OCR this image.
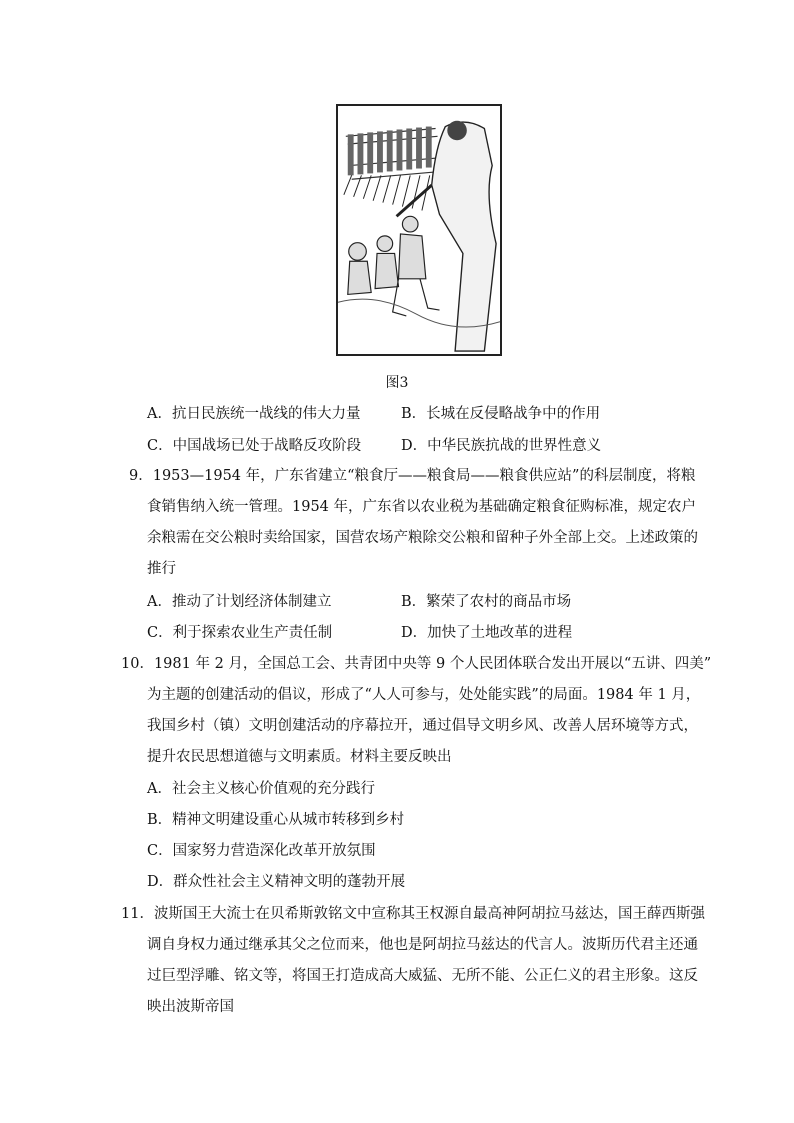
图3
A．抗日民族统一战线的伟大力量	B．长城在反侵略战争中的作用
C．中国战场已处于战略反攻阶段	D．中华民族抗战的世界性意义
9．1953—1954 年，广东省建立“粮食厅——粮食局——粮食供应站”的科层制度，将粮
食销售纳入统一管理。1954 年，广东省以农业税为基础确定粮食征购标准，规定农户
余粮需在交公粮时卖给国家，国营农场产粮除交公粮和留种子外全部上交。上述政策的
推行
A．推动了计划经济体制建立	B．繁荣了农村的商品市场
C．利于探索农业生产责任制	D．加快了土地改革的进程
10．1981 年 2 月，全国总工会、共青团中央等 9 个人民团体联合发出开展以“五讲、四美”
为主题的创建活动的倡议，形成了“人人可参与，处处能实践”的局面。1984 年 1 月，
我国乡村（镇）文明创建活动的序幕拉开，通过倡导文明乡风、改善人居环境等方式，
提升农民思想道德与文明素质。材料主要反映出
A．社会主义核心价值观的充分践行
B．精神文明建设重心从城市转移到乡村
C．国家努力营造深化改革开放氛围
D．群众性社会主义精神文明的蓬勃开展
11．波斯国王大流士在贝希斯敦铭文中宣称其王权源自最高神阿胡拉马兹达，国王薛西斯强
调自身权力通过继承其父之位而来，他也是阿胡拉马兹达的代言人。波斯历代君主还通
过巨型浮雕、铭文等，将国王打造成高大威猛、无所不能、公正仁义的君主形象。这反
映出波斯帝国
